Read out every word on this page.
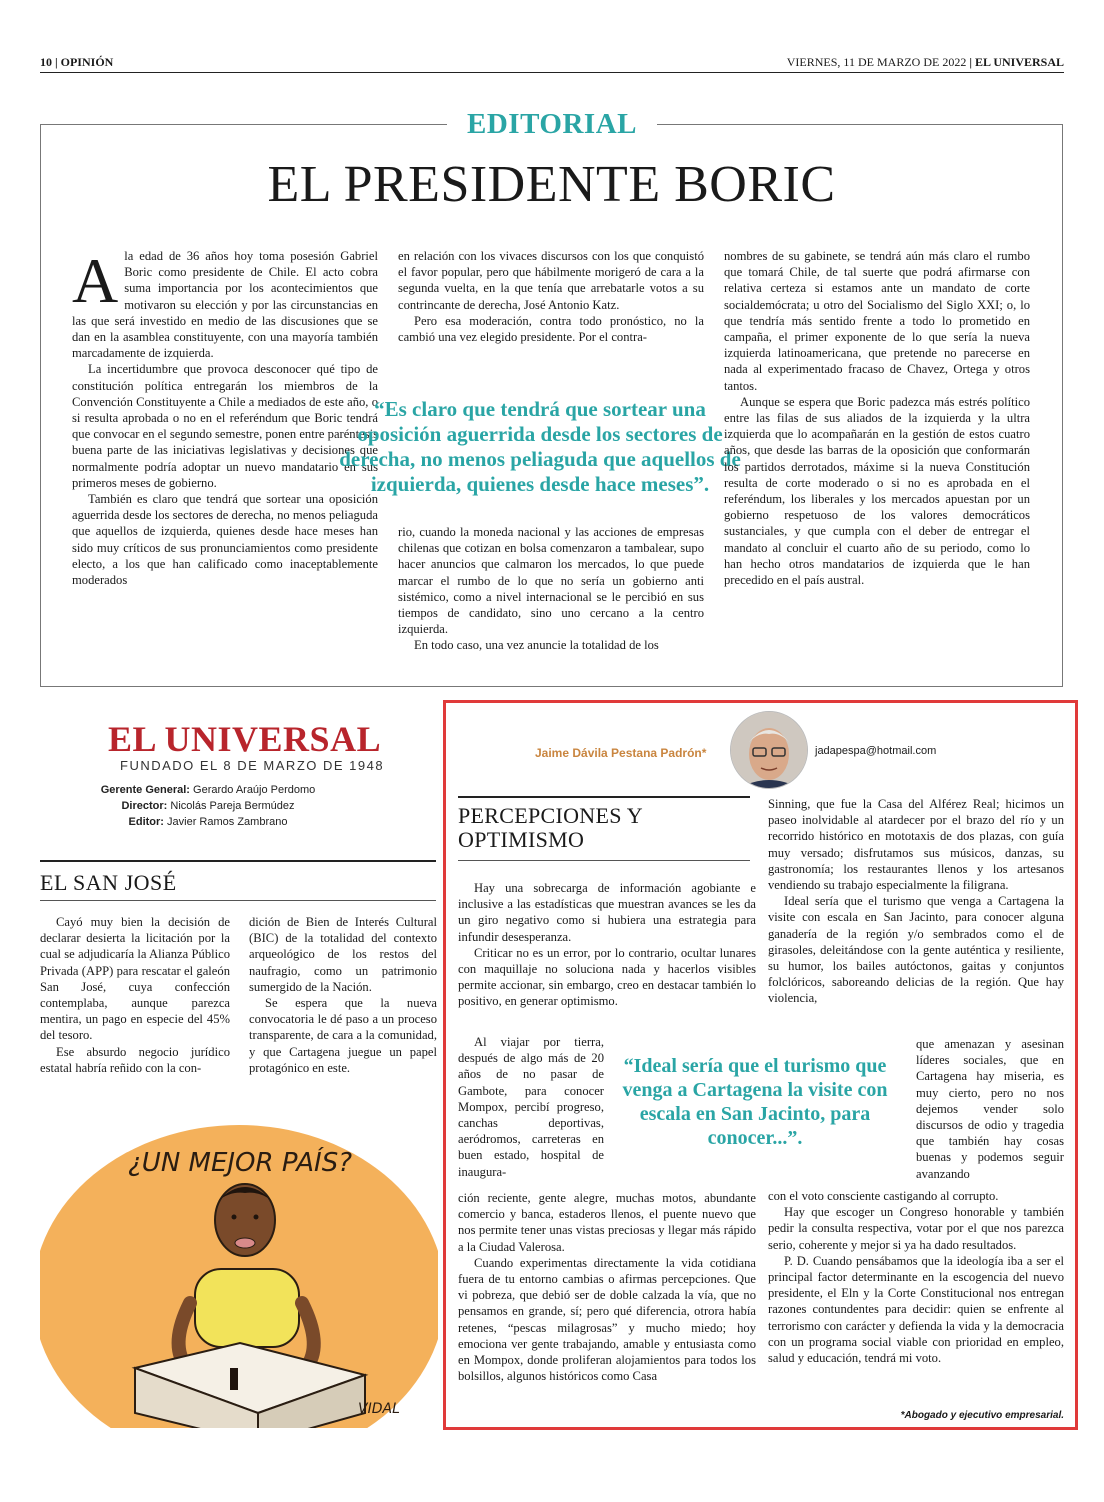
10 | OPINIÓN	VIERNES, 11 DE MARZO DE 2022 | EL UNIVERSAL
EDITORIAL
EL PRESIDENTE BORIC
A la edad de 36 años hoy toma posesión Gabriel Boric como presidente de Chile. El acto cobra suma importancia por los acontecimientos que motivaron su elección y por las circunstancias en las que será investido en medio de las discusiones que se dan en la asamblea constituyente, con una mayoría también marcadamente de izquierda.

La incertidumbre que provoca desconocer qué tipo de constitución política entregarán los miembros de la Convención Constituyente a Chile a mediados de este año, o si resulta aprobada o no en el referéndum que Boric tendrá que convocar en el segundo semestre, ponen entre paréntesis buena parte de las iniciativas legislativas y decisiones que normalmente podría adoptar un nuevo mandatario en sus primeros meses de gobierno.

También es claro que tendrá que sortear una oposición aguerrida desde los sectores de derecha, no menos peliaguda que aquellos de izquierda, quienes desde hace meses han sido muy críticos de sus pronunciamientos como presidente electo, a los que han calificado como inaceptablemente moderados

en relación con los vivaces discursos con los que conquistó el favor popular, pero que hábilmente morigeró de cara a la segunda vuelta, en la que tenía que arrebatarle votos a su contrincante de derecha, José Antonio Katz.

Pero esa moderación, contra todo pronóstico, no la cambió una vez elegido presidente. Por el contra-

“Es claro que tendrá que sortear una oposición aguerrida desde los sectores de derecha, no menos peliaguda que aquellos de izquierda, quienes desde hace meses”.

rio, cuando la moneda nacional y las acciones de empresas chilenas que cotizan en bolsa comenzaron a tambalear, supo hacer anuncios que calmaron los mercados, lo que puede marcar el rumbo de lo que no sería un gobierno anti sistémico, como a nivel internacional se le percibió en sus tiempos de candidato, sino uno cercano a la centro izquierda.

En todo caso, una vez anuncie la totalidad de los

nombres de su gabinete, se tendrá aún más claro el rumbo que tomará Chile, de tal suerte que podrá afirmarse con relativa certeza si estamos ante un mandato de corte socialdemócrata; u otro del Socialismo del Siglo XXI; o, lo que tendría más sentido frente a todo lo prometido en campaña, el primer exponente de lo que sería la nueva izquierda latinoamericana, que pretende no parecerse en nada al experimentado fracaso de Chavez, Ortega y otros tantos.

Aunque se espera que Boric padezca más estrés político entre las filas de sus aliados de la izquierda y la ultra izquierda que lo acompañarán en la gestión de estos cuatro años, que desde las barras de la oposición que conformarán los partidos derrotados, máxime si la nueva Constitución resulta de corte moderado o si no es aprobada en el referéndum, los liberales y los mercados apuestan por un gobierno respetuoso de los valores democráticos sustanciales, y que cumpla con el deber de entregar el mandato al concluir el cuarto año de su periodo, como lo han hecho otros mandatarios de izquierda que le han precedido en el país austral.

EL UNIVERSAL
FUNDADO EL 8 DE MARZO DE 1948
Gerente General: Gerardo Araújo Perdomo
Director: Nicolás Pareja Bermúdez
Editor: Javier Ramos Zambrano
EL SAN JOSÉ

Cayó muy bien la decisión de declarar desierta la licitación por la cual se adjudicaría la Alianza Público Privada (APP) para rescatar el galeón San José, cuya confección contemplaba, aunque parezca mentira, un pago en especie del 45% del tesoro.

Ese absurdo negocio jurídico estatal habría reñido con la con-

dición de Bien de Interés Cultural (BIC) de la totalidad del contexto arqueológico de los restos del naufragio, como un patrimonio sumergido de la Nación.

Se espera que la nueva convocatoria le dé paso a un proceso transparente, de cara a la comunidad, y que Cartagena juegue un papel protagónico en este.

¿UN MEJOR PAÍS?
VIDAL
Jaime Dávila Pestana Padrón*	jadapespa@hotmail.com
PERCEPCIONES Y
OPTIMISMO

Hay una sobrecarga de información agobiante e inclusive a las estadísticas que muestran avances se les da un giro negativo como si hubiera una estrategia para infundir desesperanza.

Criticar no es un error, por lo contrario, ocultar lunares con maquillaje no soluciona nada y hacerlos visibles permite accionar, sin embargo, creo en destacar también lo positivo, en generar optimismo.

Al viajar por tierra, después de algo más de 20 años de no pasar de Gambote, para conocer Mompox, percibí progreso, canchas deportivas, aeródromos, carreteras en buen estado, hospital de inaugura-

“Ideal sería que el turismo que venga a Cartagena la visite con escala en San Jacinto, para conocer...”.

ción reciente, gente alegre, muchas motos, abundante comercio y banca, estaderos llenos, el puente nuevo que nos permite tener unas vistas preciosas y llegar más rápido a la Ciudad Valerosa.

Cuando experimentas directamente la vida cotidiana fuera de tu entorno cambias o afirmas percepciones. Que vi pobreza, que debió ser de doble calzada la vía, que no pensamos en grande, sí; pero qué diferencia, otrora había retenes, “pescas milagrosas” y mucho miedo; hoy emociona ver gente trabajando, amable y entusiasta como en Mompox, donde proliferan alojamientos para todos los bolsillos, algunos históricos como Casa

Sinning, que fue la Casa del Alférez Real; hicimos un paseo inolvidable al atardecer por el brazo del río y un recorrido histórico en mototaxis de dos plazas, con guía muy versado; disfrutamos sus músicos, danzas, su gastronomía; los restaurantes llenos y los artesanos vendiendo su trabajo especialmente la filigrana.

Ideal sería que el turismo que venga a Cartagena la visite con escala en San Jacinto, para conocer alguna ganadería de la región y/o sembrados como el de girasoles, deleitándose con la gente auténtica y resiliente, su humor, los bailes autóctonos, gaitas y conjuntos folclóricos, saboreando delicias de la región. Que hay violencia,

que amenazan y asesinan líderes sociales, que en Cartagena hay miseria, es muy cierto, pero no nos dejemos vender solo discursos de odio y tragedia que también hay cosas buenas y podemos seguir avanzando

con el voto consciente castigando al corrupto.

Hay que escoger un Congreso honorable y también pedir la consulta respectiva, votar por el que nos parezca serio, coherente y mejor si ya ha dado resultados.

P. D. Cuando pensábamos que la ideología iba a ser el principal factor determinante en la escogencia del nuevo presidente, el Eln y la Corte Constitucional nos entregan razones contundentes para decidir: quien se enfrente al terrorismo con carácter y defienda la vida y la democracia con un programa social viable con prioridad en empleo, salud y educación, tendrá mi voto.

*Abogado y ejecutivo empresarial.
